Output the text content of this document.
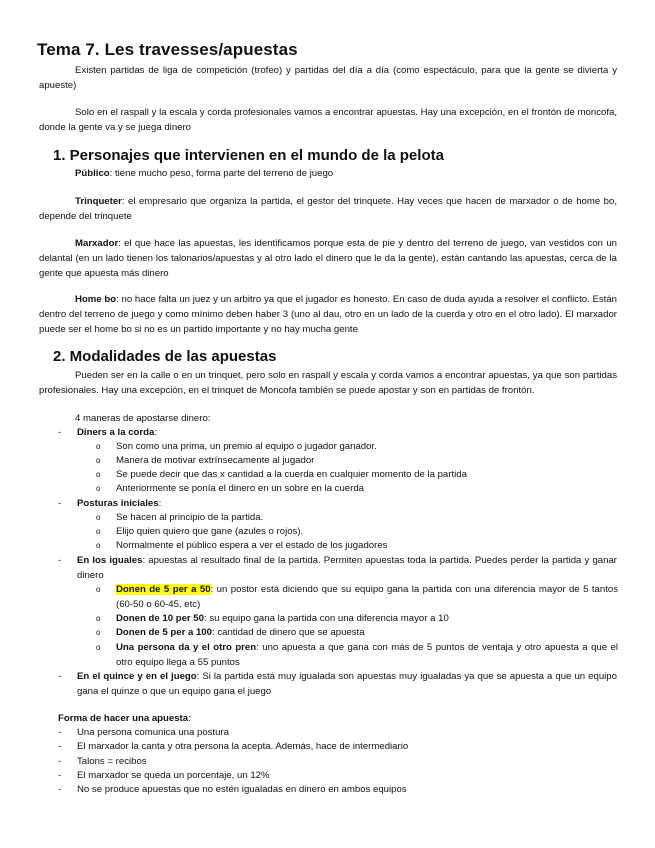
Tema 7. Les travesses/apuestas
Existen partidas de liga de competición (trofeo) y partidas del día a día (como espectáculo, para que la gente se divierta y apueste)
Solo en el raspall y la escala y corda profesionales vamos a encontrar apuestas. Hay una excepción, en el frontón de moncofa, donde la gente va y se juega dinero
1. Personajes que intervienen en el mundo de la pelota
Público: tiene mucho peso, forma parte del terreno de juego
Trinqueter: el empresario que organiza la partida, el gestor del trinquete. Hay veces que hacen de marxador o de home bo, depende del trinquete
Marxador: el que hace las apuestas, les identificamos porque esta de pie y dentro del terreno de juego, van vestidos con un delantal (en un lado tienen los talonarios/apuestas y al otro lado el dinero que le da la gente), están cantando las apuestas, cerca de la gente que apuesta más dinero
Home bo: no hace falta un juez y un arbitro ya que el jugador es honesto. En caso de duda ayuda a resolver el conflicto. Están dentro del terreno de juego y como mínimo deben haber 3 (uno al dau, otro en un lado de la cuerda y otro en el otro lado). El marxador puede ser el home bo si no es un partido importante y no hay mucha gente
2. Modalidades de las apuestas
Pueden ser en la calle o en un trinquet, pero solo en raspall y escala y corda vamos a encontrar apuestas, ya que son partidas profesionales. Hay una excepción, en el trinquet de Moncofa también se puede apostar y son en partidas de frontón.
4 maneras de apostarse dinero:
- Diners a la corda:
o Son como una prima, un premio al equipo o jugador ganador.
o Manera de motivar extrínsecamente al jugador
o Se puede decir que das x cantidad a la cuerda en cualquier momento de la partida
o Anteriormente se ponía el dinero en un sobre en la cuerda
- Posturas iniciales:
o Se hacen al principio de la partida.
o Elijo quien quiero que gane (azules o rojos).
o Normalmente el público espera a ver el estado de los jugadores
- En los iguales: apuestas al resultado final de la partida. Permiten apuestas toda la partida. Puedes perder la partida y ganar dinero
o Donen de 5 per a 50: un postor está diciendo que su equipo gana la partida con una diferencia mayor de 5 tantos (60-50 o 60-45, etc)
o Donen de 10 per 50: su equipo gana la partida con una diferencia mayor a 10
o Donen de 5 per a 100: cantidad de dinero que se apuesta
o Una persona da y el otro pren: uno apuesta a que gana con más de 5 puntos de ventaja y otro apuesta a que el otro equipo llega a 55 puntos
- En el quince y en el juego: Si la partida está muy igualada son apuestas muy igualadas ya que se apuesta a que un equipo gana el quinze o que un equipo gana el juego
Forma de hacer una apuesta:
- Una persona comunica una postura
- El marxador la canta y otra persona la acepta. Además, hace de intermediario
- Talons = recibos
- El marxador se queda un porcentaje, un 12%
- No se produce apuestas que no estén igualadas en dinero en ambos equipos
